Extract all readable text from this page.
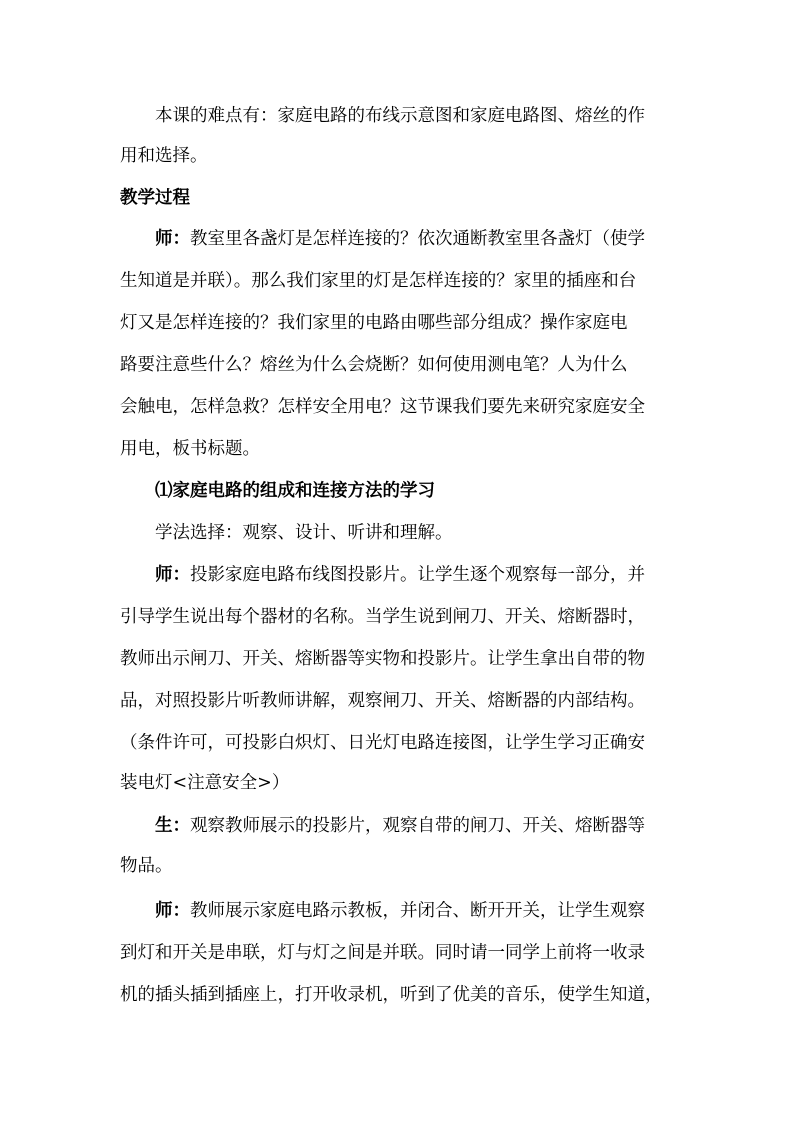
本课的难点有：家庭电路的布线示意图和家庭电路图、熔丝的作
用和选择。
教学过程
师：教室里各盏灯是怎样连接的？依次通断教室里各盏灯（使学
生知道是并联）。那么我们家里的灯是怎样连接的？家里的插座和台
灯又是怎样连接的？我们家里的电路由哪些部分组成？操作家庭电
路要注意些什么？熔丝为什么会烧断？如何使用测电笔？人为什么
会触电，怎样急救？怎样安全用电？这节课我们要先来研究家庭安全
用电，板书标题。
⑴家庭电路的组成和连接方法的学习
学法选择：观察、设计、听讲和理解。
师：投影家庭电路布线图投影片。让学生逐个观察每一部分，并
引导学生说出每个器材的名称。当学生说到闸刀、开关、熔断器时，
教师出示闸刀、开关、熔断器等实物和投影片。让学生拿出自带的物
品，对照投影片听教师讲解，观察闸刀、开关、熔断器的内部结构。
（条件许可，可投影白炽灯、日光灯电路连接图，让学生学习正确安
装电灯<注意安全>）
生：观察教师展示的投影片，观察自带的闸刀、开关、熔断器等
物品。
师：教师展示家庭电路示教板，并闭合、断开开关，让学生观察
到灯和开关是串联，灯与灯之间是并联。同时请一同学上前将一收录
机的插头插到插座上，打开收录机，听到了优美的音乐，使学生知道，
